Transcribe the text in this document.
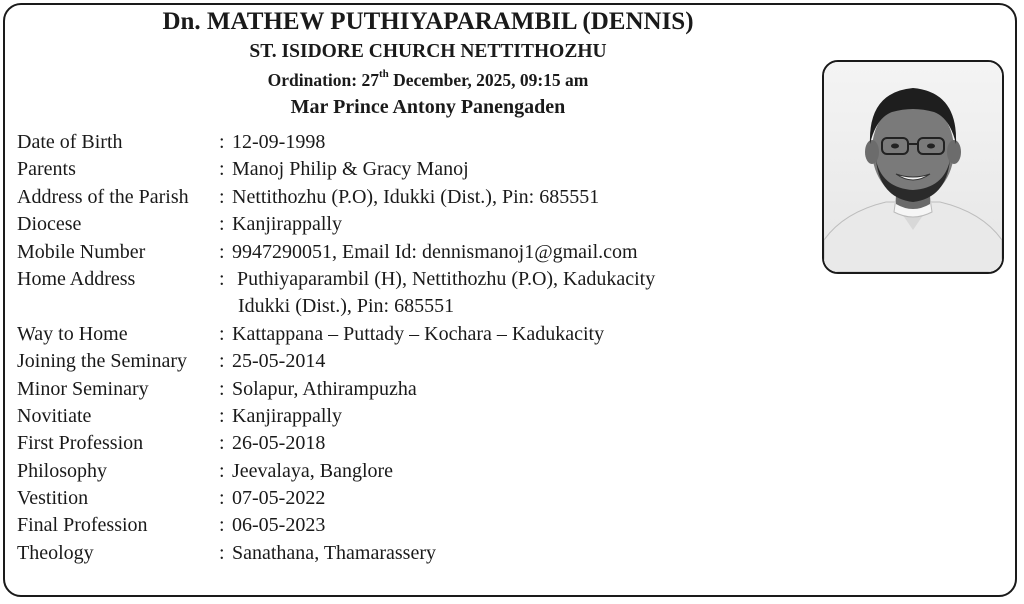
Dn. MATHEW PUTHIYAPARAMBIL (DENNIS)
ST. ISIDORE CHURCH NETTITHOZHU
Ordination: 27th December, 2025, 09:15 am
Mar Prince Antony Panengaden
Date of Birth	: 12-09-1998
Parents	: Manoj Philip & Gracy Manoj
Address of the Parish	: Nettithozhu (P.O), Idukki (Dist.), Pin: 685551
Diocese	: Kanjirappally
Mobile Number	: 9947290051, Email Id: dennismanoj1@gmail.com
Home Address	: Puthiyaparambil (H), Nettithozhu (P.O), Kadukacity
Idukki (Dist.), Pin: 685551
Way to Home	: Kattappana – Puttady – Kochara – Kadukacity
Joining the Seminary	: 25-05-2014
Minor Seminary	: Solapur, Athirampuzha
Novitiate	: Kanjirappally
First Profession	: 26-05-2018
Philosophy	: Jeevalaya, Banglore
Vestition	: 07-05-2022
Final Profession	: 06-05-2023
Theology	: Sanathana, Thamarassery
